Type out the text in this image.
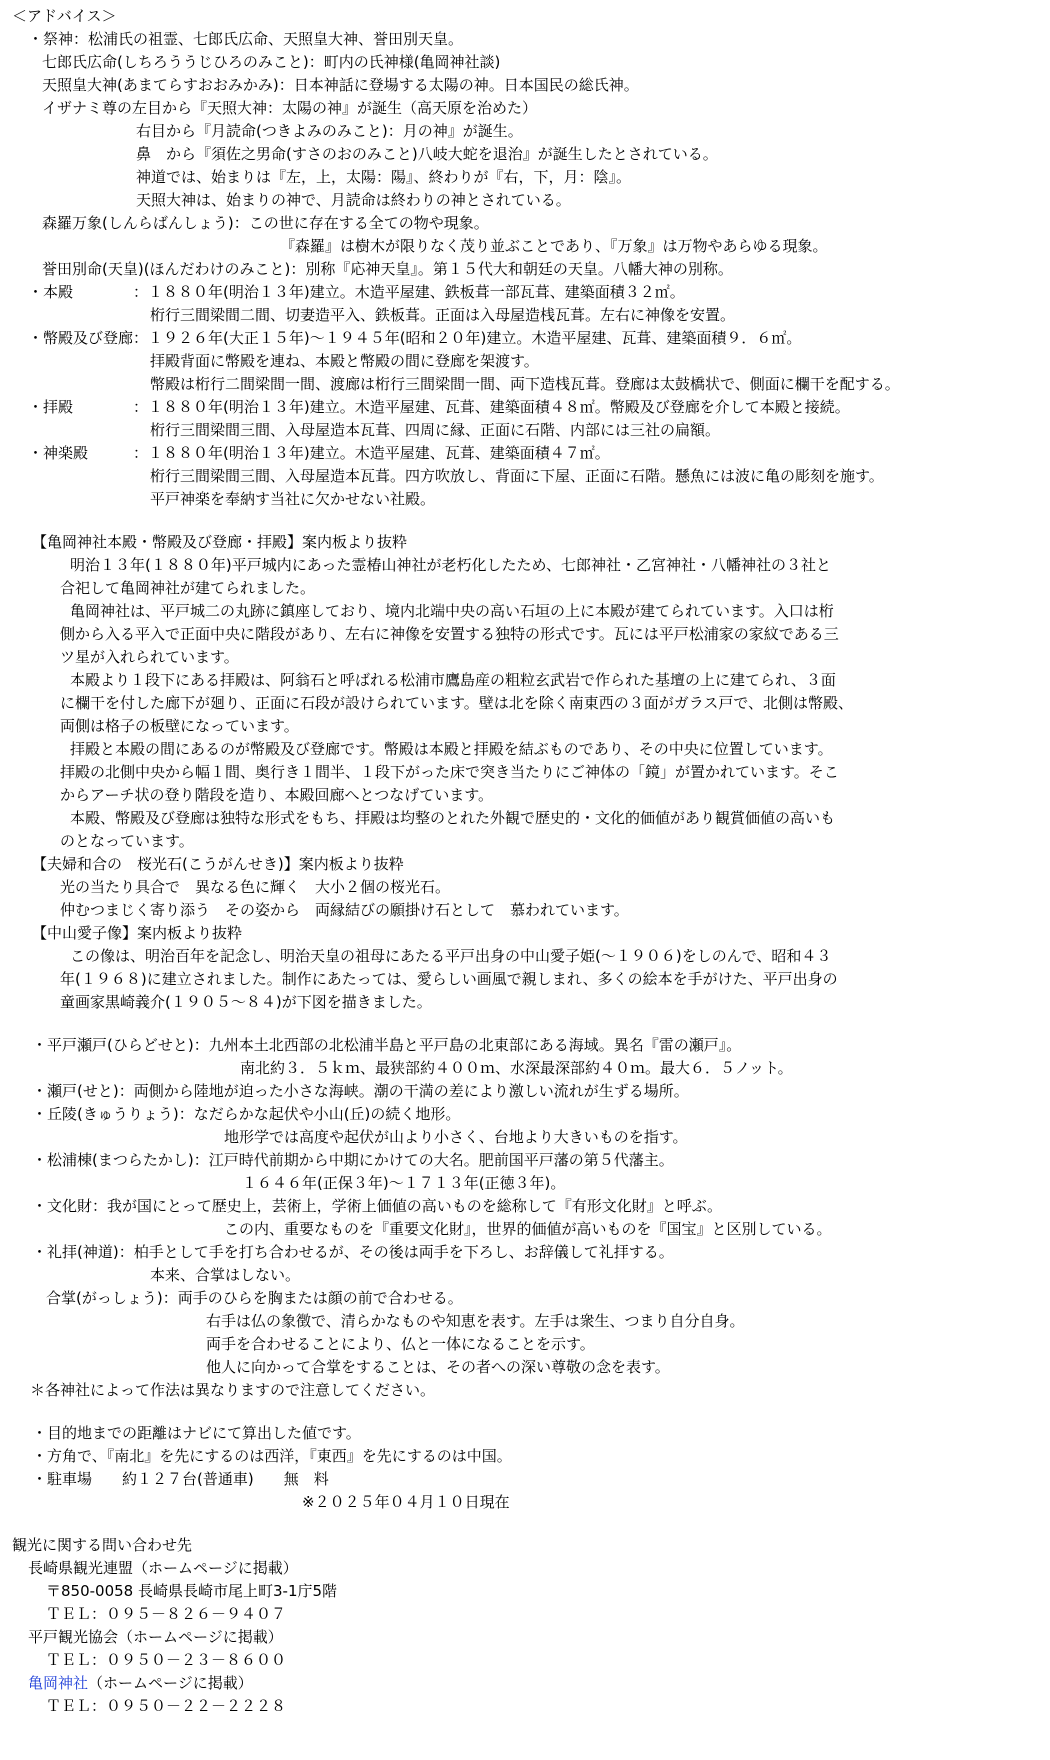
＜アドバイス＞
・祭神：松浦氏の祖霊、七郎氏広命、天照皇大神、誉田別天皇。
七郎氏広命(しちろううじひろのみこと)：町内の氏神様(亀岡神社談)
天照皇大神(あまてらすおおみかみ)：日本神話に登場する太陽の神。日本国民の総氏神。
イザナミ尊の左目から『天照大神：太陽の神』が誕生（高天原を治めた）
右目から『月読命(つきよみのみこと)：月の神』が誕生。
鼻　から『須佐之男命(すさのおのみこと)八岐大蛇を退治』が誕生したとされている。
神道では、始まりは『左，上，太陽：陽』、終わりが『右，下，月：陰』。
天照大神は、始まりの神で、月読命は終わりの神とされている。
森羅万象(しんらばんしょう)：この世に存在する全ての物や現象。
『森羅』は樹木が限りなく茂り並ぶことであり、『万象』は万物やあらゆる現象。
誉田別命(天皇)(ほんだわけのみこと)：別称『応神天皇』。第１５代大和朝廷の天皇。八幡大神の別称。
・本殿　　　　：１８８０年(明治１３年)建立。木造平屋建、鉄板葺一部瓦葺、建築面積３２㎡。
桁行三間梁間二間、切妻造平入、鉄板葺。正面は入母屋造桟瓦葺。左右に神像を安置。
・幣殿及び登廊：１９２６年(大正１５年)～１９４５年(昭和２０年)建立。木造平屋建、瓦葺、建築面積９．６㎡。
拝殿背面に幣殿を連ね、本殿と幣殿の間に登廊を架渡す。
幣殿は桁行二間梁間一間、渡廊は桁行三間梁間一間、両下造桟瓦葺。登廊は太鼓橋状で、側面に欄干を配する。
・拝殿　　　　：１８８０年(明治１３年)建立。木造平屋建、瓦葺、建築面積４８㎡。幣殿及び登廊を介して本殿と接続。
桁行三間梁間三間、入母屋造本瓦葺、四周に縁、正面に石階、内部には三社の扁額。
・神楽殿　　　：１８８０年(明治１３年)建立。木造平屋建、瓦葺、建築面積４７㎡。
桁行三間梁間三間、入母屋造本瓦葺。四方吹放し、背面に下屋、正面に石階。懸魚には波に亀の彫刻を施す。
平戸神楽を奉納す当社に欠かせない社殿。
【亀岡神社本殿・幣殿及び登廊・拝殿】案内板より抜粋
明治１３年(１８８０年)平戸城内にあった霊椿山神社が老朽化したため、七郎神社・乙宮神社・八幡神社の３社と
合祀して亀岡神社が建てられました。
亀岡神社は、平戸城二の丸跡に鎮座しており、境内北端中央の高い石垣の上に本殿が建てられています。入口は桁
側から入る平入で正面中央に階段があり、左右に神像を安置する独特の形式です。瓦には平戸松浦家の家紋である三
ツ星が入れられています。
本殿より１段下にある拝殿は、阿翁石と呼ばれる松浦市鷹島産の粗粒玄武岩で作られた基壇の上に建てられ、３面
に欄干を付した廊下が廻り、正面に石段が設けられています。壁は北を除く南東西の３面がガラス戸で、北側は幣殿、
両側は格子の板壁になっています。
拝殿と本殿の間にあるのが幣殿及び登廊です。幣殿は本殿と拝殿を結ぶものであり、その中央に位置しています。
拝殿の北側中央から幅１間、奥行き１間半、１段下がった床で突き当たりにご神体の「鏡」が置かれています。そこ
からアーチ状の登り階段を造り、本殿回廊へとつなげています。
本殿、幣殿及び登廊は独特な形式をもち、拝殿は均整のとれた外観で歴史的・文化的価値があり観賞価値の高いも
のとなっています。
【夫婦和合の　桜光石(こうがんせき)】案内板より抜粋
光の当たり具合で　異なる色に輝く　大小２個の桜光石。
仲むつまじく寄り添う　その姿から　両縁結びの願掛け石として　慕われています。
【中山愛子像】案内板より抜粋
この像は、明治百年を記念し、明治天皇の祖母にあたる平戸出身の中山愛子姫(～１９０６)をしのんで、昭和４３
年(１９６８)に建立されました。制作にあたっては、愛らしい画風で親しまれ、多くの絵本を手がけた、平戸出身の
童画家黒崎義介(１９０５～８４)が下図を描きました。
・平戸瀬戸(ひらどせと)：九州本土北西部の北松浦半島と平戸島の北東部にある海域。異名『雷の瀬戸』。
南北約３．５ｋｍ、最狭部約４００ｍ、水深最深部約４０ｍ。最大６．５ノット。
・瀬戸(せと)：両側から陸地が迫った小さな海峡。潮の干満の差により激しい流れが生ずる場所。
・丘陵(きゅうりょう)：なだらかな起伏や小山(丘)の続く地形。
地形学では高度や起伏が山より小さく、台地より大きいものを指す。
・松浦棟(まつらたかし)：江戸時代前期から中期にかけての大名。肥前国平戸藩の第５代藩主。
１６４６年(正保３年)～１７１３年(正徳３年)。
・文化財：我が国にとって歴史上，芸術上，学術上価値の高いものを総称して『有形文化財』と呼ぶ。
この内、重要なものを『重要文化財』，世界的価値が高いものを『国宝』と区別している。
・礼拝(神道)：柏手として手を打ち合わせるが、その後は両手を下ろし、お辞儀して礼拝する。
本来、合掌はしない。
合掌(がっしょう)：両手のひらを胸または顔の前で合わせる。
右手は仏の象徴で、清らかなものや知恵を表す。左手は衆生、つまり自分自身。
両手を合わせることにより、仏と一体になることを示す。
他人に向かって合掌をすることは、その者への深い尊敬の念を表す。
＊各神社によって作法は異なりますので注意してください。
・目的地までの距離はナビにて算出した値です。
・方角で、『南北』を先にするのは西洋，『東西』を先にするのは中国。
・駐車場　　約１２７台(普通車)　　無　料
※２０２５年０４月１０日現在
観光に関する問い合わせ先
長崎県観光連盟（ホームページに掲載）
〒850-0058 長崎県長崎市尾上町3-1庁5階
ＴＥＬ：０９５－８２６－９４０７
平戸観光協会（ホームページに掲載）
ＴＥＬ：０９５０－２３－８６００
亀岡神社（ホームページに掲載）
ＴＥＬ：０９５０－２２－２２２８
